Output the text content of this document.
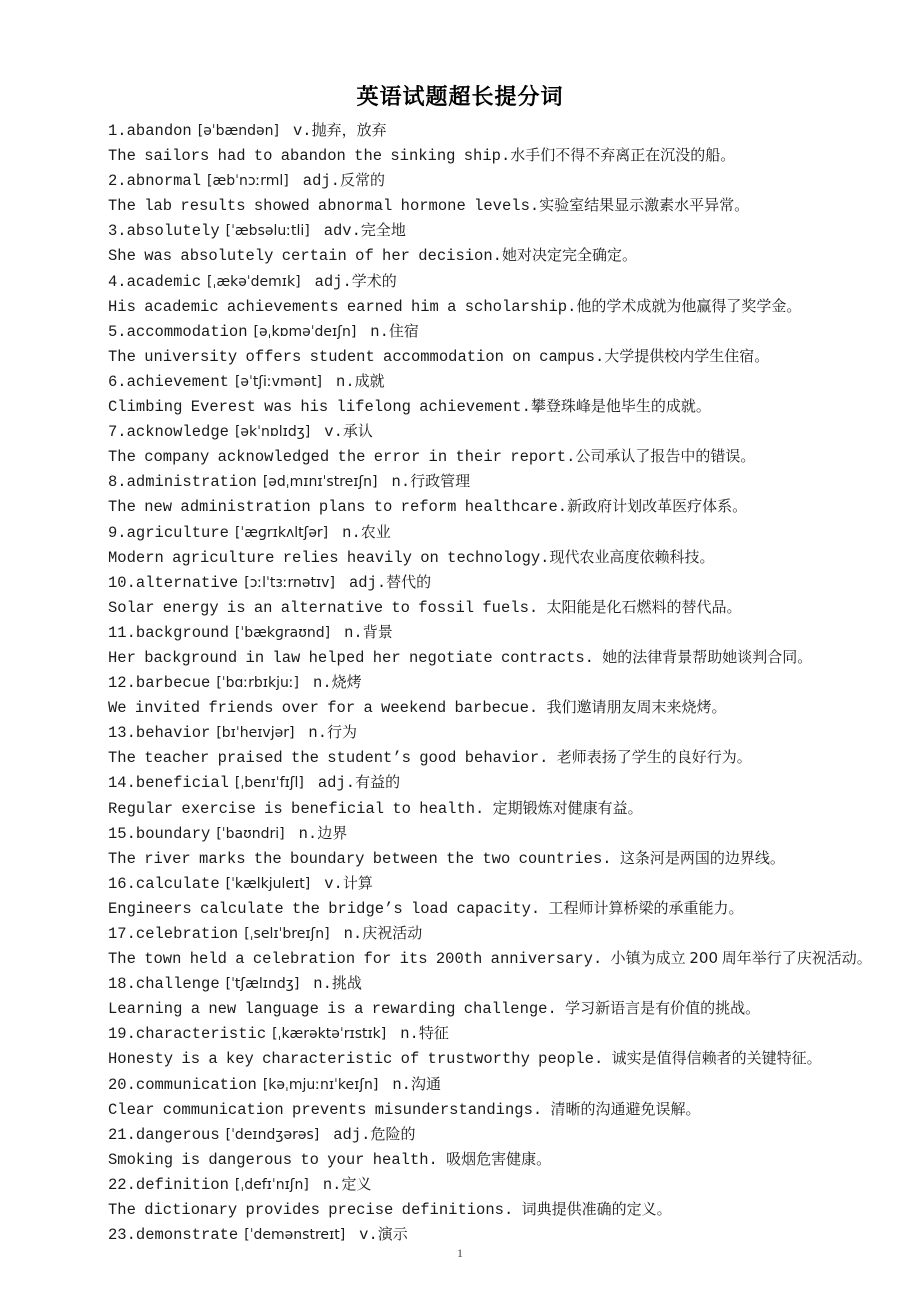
英语试题超长提分词
1.abandon [əˈbændən] v.抛弃，放弃
The sailors had to abandon the sinking ship.水手们不得不弃离正在沉没的船。
2.abnormal [æbˈnɔːrml] adj.反常的
The lab results showed abnormal hormone levels.实验室结果显示激素水平异常。
3.absolutely [ˈæbsəluːtli] adv.完全地
She was absolutely certain of her decision.她对决定完全确定。
4.academic [ˌækəˈdemɪk] adj.学术的
His academic achievements earned him a scholarship.他的学术成就为他赢得了奖学金。
5.accommodation [əˌkɒməˈdeɪʃn] n.住宿
The university offers student accommodation on campus.大学提供校内学生住宿。
6.achievement [əˈtʃiːvmənt] n.成就
Climbing Everest was his lifelong achievement.攀登珠峰是他毕生的成就。
7.acknowledge [əkˈnɒlɪdʒ] v.承认
The company acknowledged the error in their report.公司承认了报告中的错误。
8.administration [ədˌmɪnɪˈstreɪʃn] n.行政管理
The new administration plans to reform healthcare.新政府计划改革医疗体系。
9.agriculture [ˈæɡrɪkʌltʃər] n.农业
Modern agriculture relies heavily on technology.现代农业高度依赖科技。
10.alternative [ɔːlˈtɜːrnətɪv] adj.替代的
Solar energy is an alternative to fossil fuels. 太阳能是化石燃料的替代品。
11.background [ˈbækɡraʊnd] n.背景
Her background in law helped her negotiate contracts. 她的法律背景帮助她谈判合同。
12.barbecue [ˈbɑːrbɪkjuː] n.烧烤
We invited friends over for a weekend barbecue. 我们邀请朋友周末来烧烤。
13.behavior [bɪˈheɪvjər] n.行为
The teacher praised the student’s good behavior. 老师表扬了学生的良好行为。
14.beneficial [ˌbenɪˈfɪʃl] adj.有益的
Regular exercise is beneficial to health. 定期锻炼对健康有益。
15.boundary [ˈbaʊndri] n.边界
The river marks the boundary between the two countries. 这条河是两国的边界线。
16.calculate [ˈkælkjuleɪt] v.计算
Engineers calculate the bridge’s load capacity. 工程师计算桥梁的承重能力。
17.celebration [ˌselɪˈbreɪʃn] n.庆祝活动
The town held a celebration for its 200th anniversary. 小镇为成立 200 周年举行了庆祝活动。
18.challenge [ˈtʃælɪndʒ] n.挑战
Learning a new language is a rewarding challenge. 学习新语言是有价值的挑战。
19.characteristic [ˌkærəktəˈrɪstɪk] n.特征
Honesty is a key characteristic of trustworthy people. 诚实是值得信赖者的关键特征。
20.communication [kəˌmjuːnɪˈkeɪʃn] n.沟通
Clear communication prevents misunderstandings. 清晰的沟通避免误解。
21.dangerous [ˈdeɪndʒərəs] adj.危险的
Smoking is dangerous to your health. 吸烟危害健康。
22.definition [ˌdefɪˈnɪʃn] n.定义
The dictionary provides precise definitions. 词典提供准确的定义。
23.demonstrate [ˈdemənstreɪt] v.演示
1
